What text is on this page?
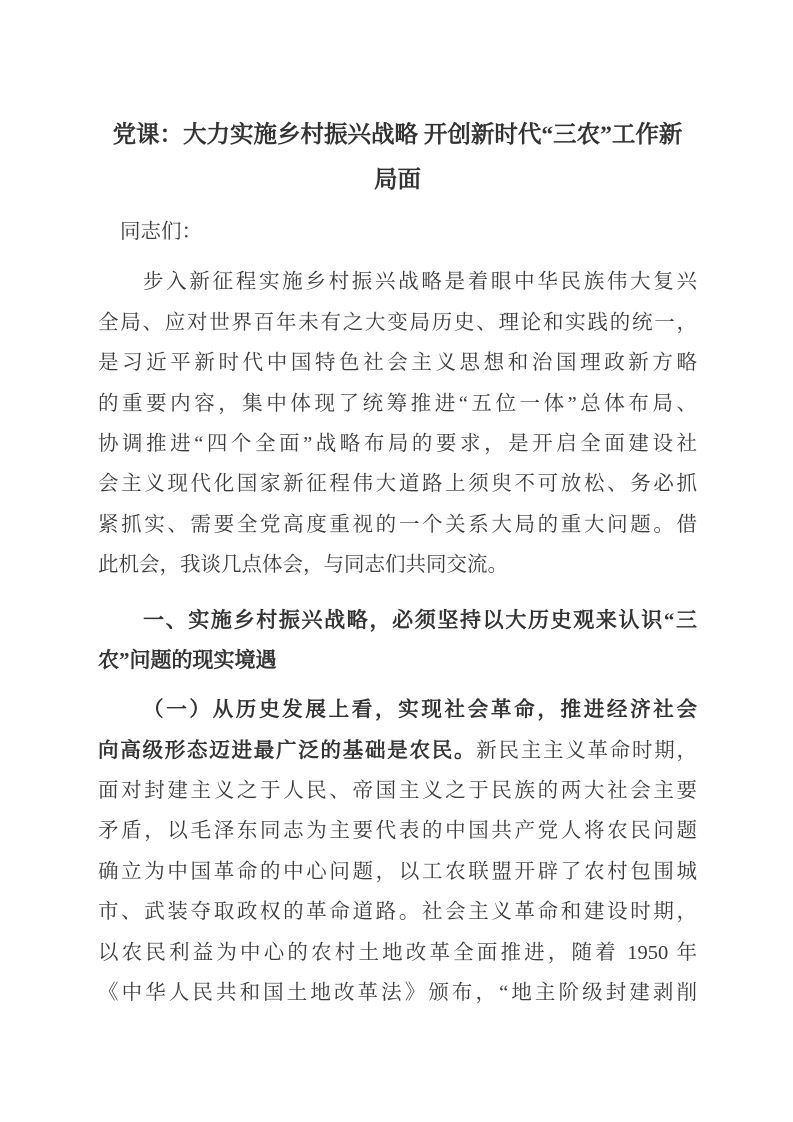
党课：大力实施乡村振兴战略 开创新时代“三农”工作新
局面
同志们：
步入新征程实施乡村振兴战略是着眼中华民族伟大复兴
全局、应对世界百年未有之大变局历史、理论和实践的统一，
是习近平新时代中国特色社会主义思想和治国理政新方略
的重要内容，集中体现了统筹推进“五位一体”总体布局、
协调推进“四个全面”战略布局的要求，是开启全面建设社
会主义现代化国家新征程伟大道路上须臾不可放松、务必抓
紧抓实、需要全党高度重视的一个关系大局的重大问题。借
此机会，我谈几点体会，与同志们共同交流。
一、实施乡村振兴战略，必须坚持以大历史观来认识“三
农”问题的现实境遇
（一）从历史发展上看，实现社会革命，推进经济社会
向高级形态迈进最广泛的基础是农民。新民主主义革命时期，
面对封建主义之于人民、帝国主义之于民族的两大社会主要
矛盾，以毛泽东同志为主要代表的中国共产党人将农民问题
确立为中国革命的中心问题，以工农联盟开辟了农村包围城
市、武装夺取政权的革命道路。社会主义革命和建设时期，
以农民利益为中心的农村土地改革全面推进，随着 1950 年
《中华人民共和国土地改革法》颁布，“地主阶级封建剥削
